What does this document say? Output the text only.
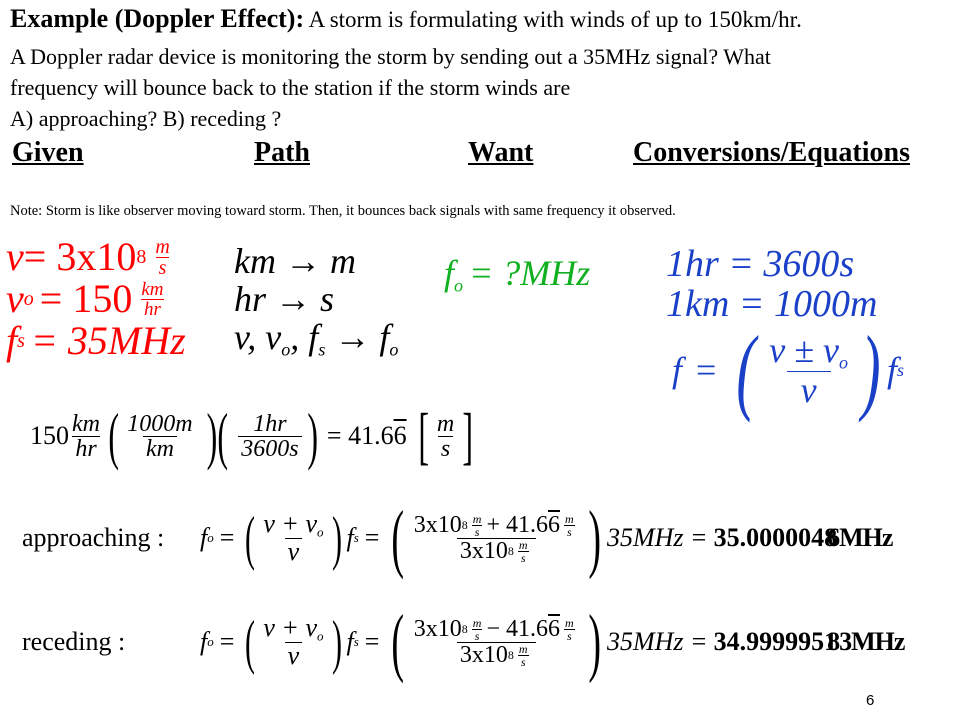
Example (Doppler Effect): A storm is formulating with winds of up to 150km/hr.
A Doppler radar device is monitoring the storm by sending out a 35MHz signal? What
frequency will bounce back to the station if the storm winds are
A) approaching? B) receding ?
Given	Path	Want	Conversions/Equations
Note: Storm is like observer moving toward storm. Then, it bounces back signals with same frequency it observed.
v = 3x10 $8 \frac{m}{s}$
v $o = 150 \frac{km}{hr}$
f s = 35MHz
km → m
hr → s
v, $v_o$, $f_s \to f_o$
$f_o$ = ?MHz 1hr = 3600s
1km = 1000m
f = ( $\frac{v \pm v_o}{v}$ ) f s
$150 \frac{km}{hr}$ ( $\frac{1000m}{km}$ )( $\frac{1hr}{3600s}$ ) = 41.6 6 [ $\frac{m}{s}$ ]
approaching :	f o = ( $\frac{v + v_o}{v}$ ) f s = ( $\frac{3x10 8 \frac{m}{s} + 41.6 6 \frac{m}{s}}{3x10 8 \frac{m}{s}}$ ) 35MHz = 35.0000048
6MHz
receding :	f o = ( $\frac{v + v_o}{v}$ ) f s = ( $\frac{3x10 8 \frac{m}{s} - 41.6 6 \frac{m}{s}}{3x10 8 \frac{m}{s}}$ ) 35MHz = 34.9999951
83MHz
6
